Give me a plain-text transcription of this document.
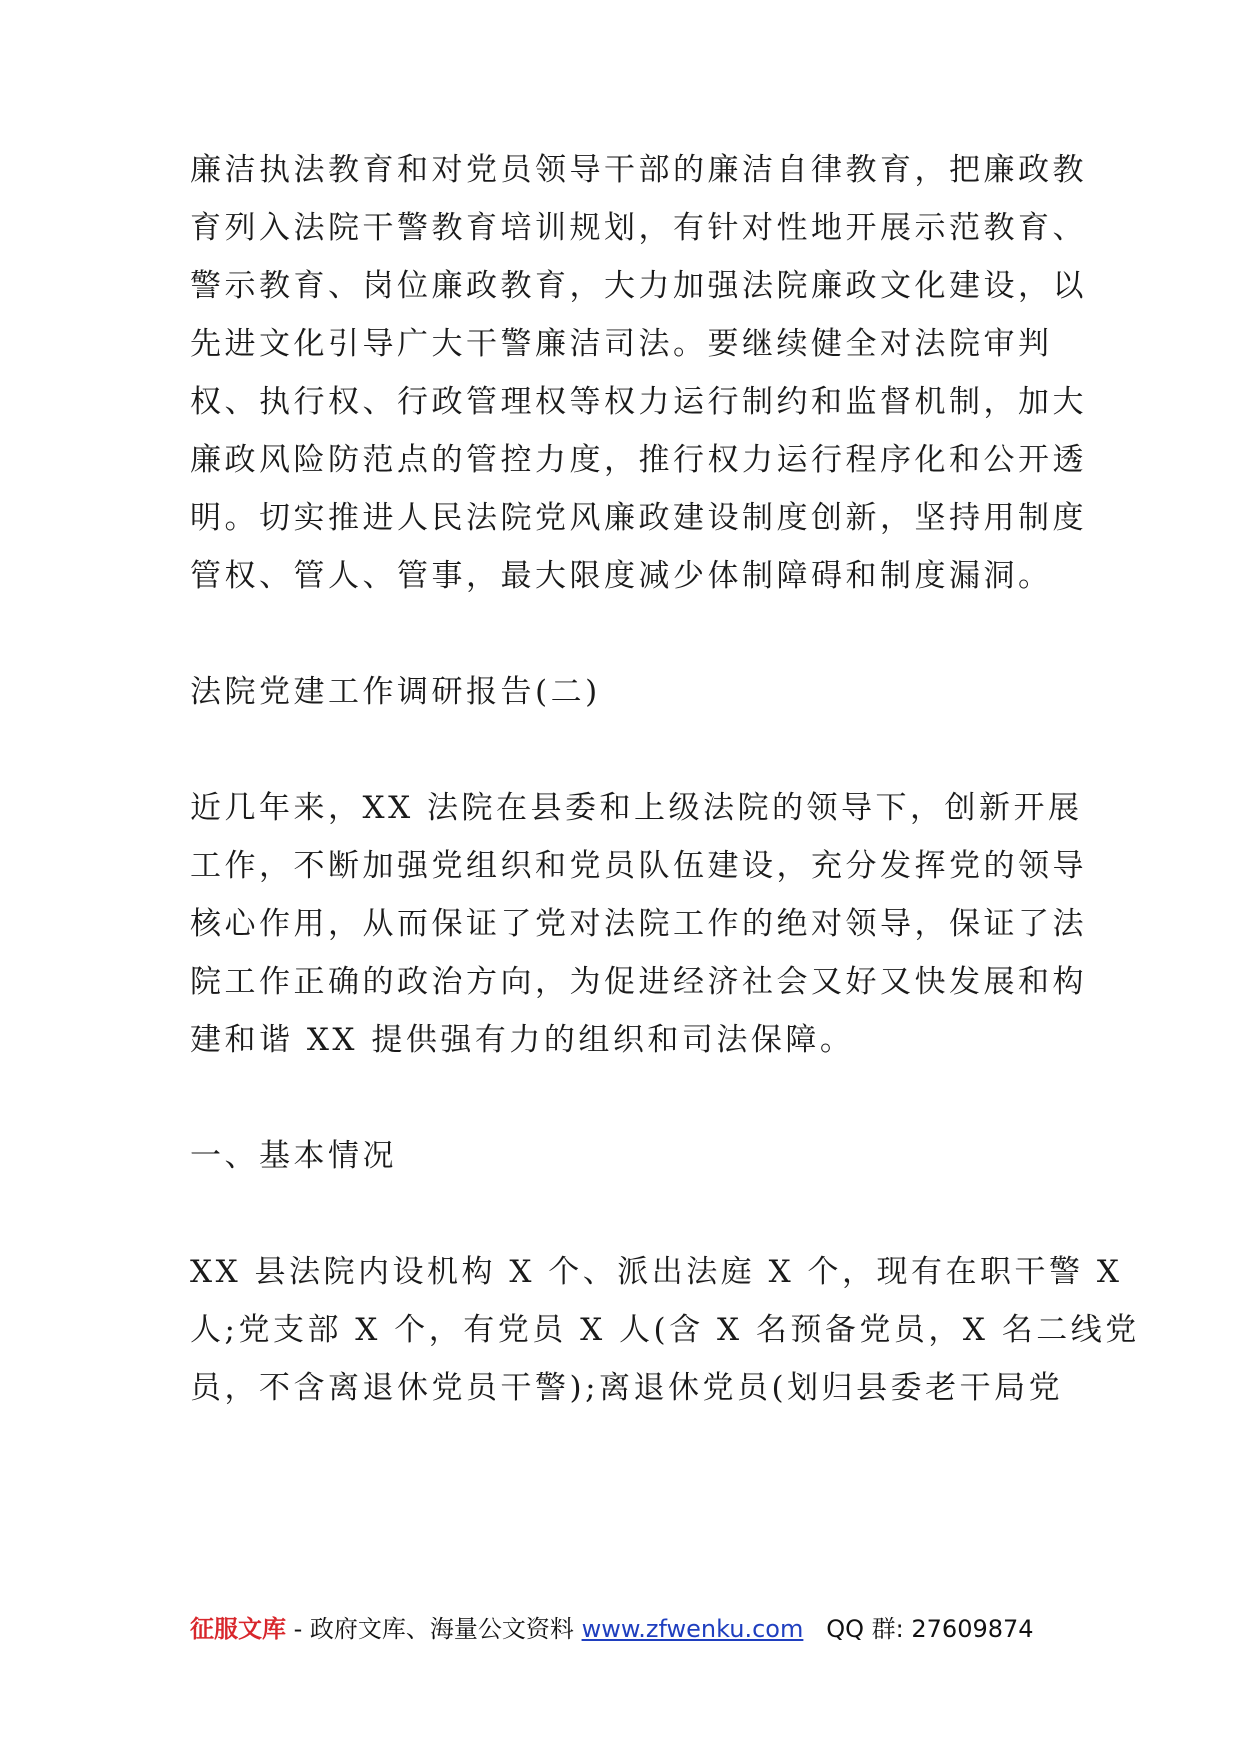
廉洁执法教育和对党员领导干部的廉洁自律教育，把廉政教
育列入法院干警教育培训规划，有针对性地开展示范教育、
警示教育、岗位廉政教育，大力加强法院廉政文化建设，以
先进文化引导广大干警廉洁司法。要继续健全对法院审判
权、执行权、行政管理权等权力运行制约和监督机制，加大
廉政风险防范点的管控力度，推行权力运行程序化和公开透
明。切实推进人民法院党风廉政建设制度创新，坚持用制度
管权、管人、管事，最大限度减少体制障碍和制度漏洞。
法院党建工作调研报告(二)
近几年来，XX 法院在县委和上级法院的领导下，创新开展
工作，不断加强党组织和党员队伍建设，充分发挥党的领导
核心作用，从而保证了党对法院工作的绝对领导，保证了法
院工作正确的政治方向，为促进经济社会又好又快发展和构
建和谐 XX 提供强有力的组织和司法保障。
一、基本情况
XX 县法院内设机构 X 个、派出法庭 X 个，现有在职干警 X
人;党支部 X 个，有党员 X 人(含 X 名预备党员，X 名二线党
员，不含离退休党员干警);离退休党员(划归县委老干局党
征服文库 - 政府文库、海量公文资料 www.zfwenku.com QQ 群: 27609874
